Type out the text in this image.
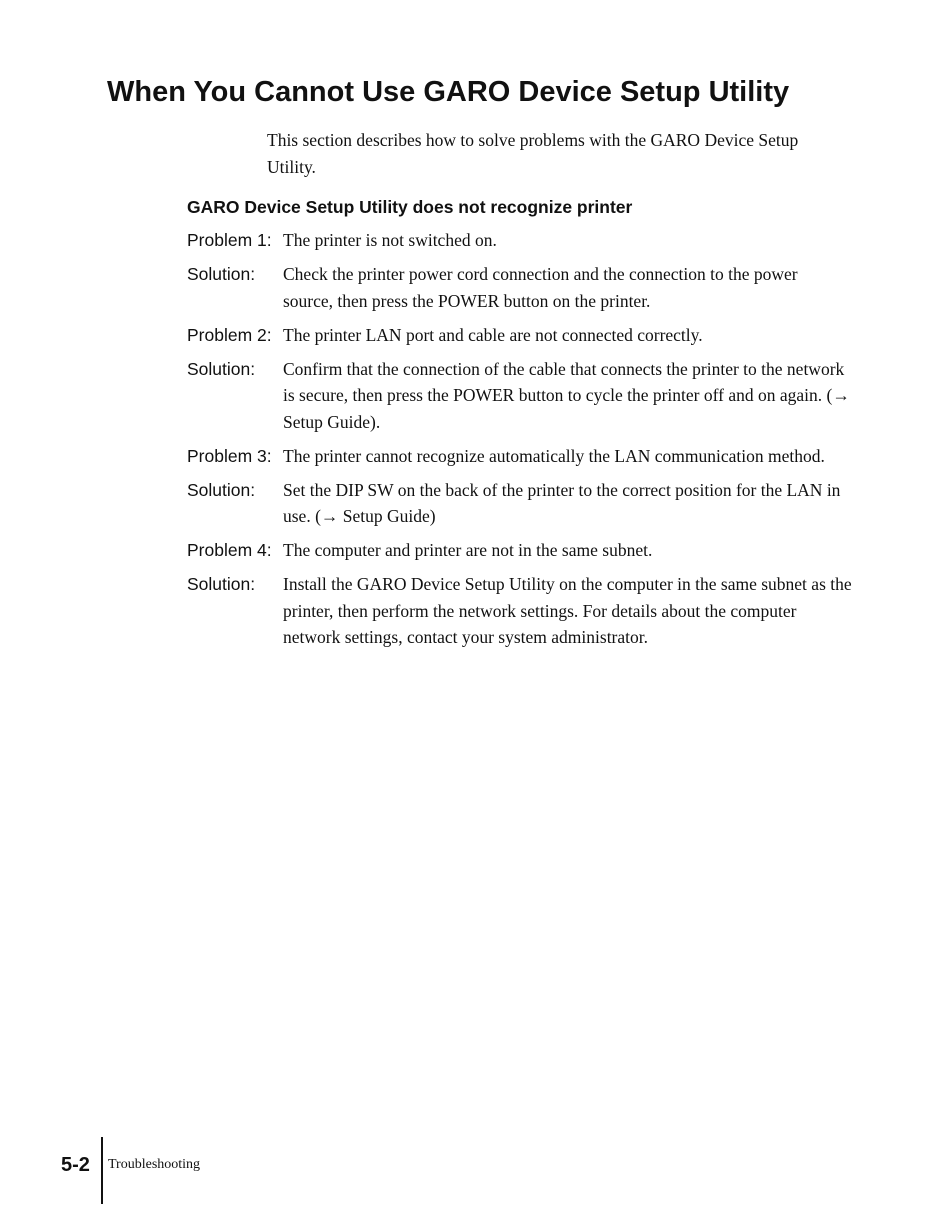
When You Cannot Use GARO Device Setup Utility

This section describes how to solve problems with the GARO Device Setup Utility.

GARO Device Setup Utility does not recognize printer
Problem 1: The printer is not switched on.
Solution:	Check the printer power cord connection and the connection to the power source, then press the POWER button on the printer.
Problem 2: The printer LAN port and cable are not connected correctly.
Solution:	Confirm that the connection of the cable that connects the printer to the network is secure, then press the POWER button to cycle the printer off and on again. (→ Setup Guide).
Problem 3: The printer cannot recognize automatically the LAN communication method.
Solution:	Set the DIP SW on the back of the printer to the correct position for the LAN in use. (→ Setup Guide)
Problem 4: The computer and printer are not in the same subnet.
Solution:	Install the GARO Device Setup Utility on the computer in the same subnet as the printer, then perform the network settings. For details about the computer network settings, contact your system administrator.
5-2 Troubleshooting
